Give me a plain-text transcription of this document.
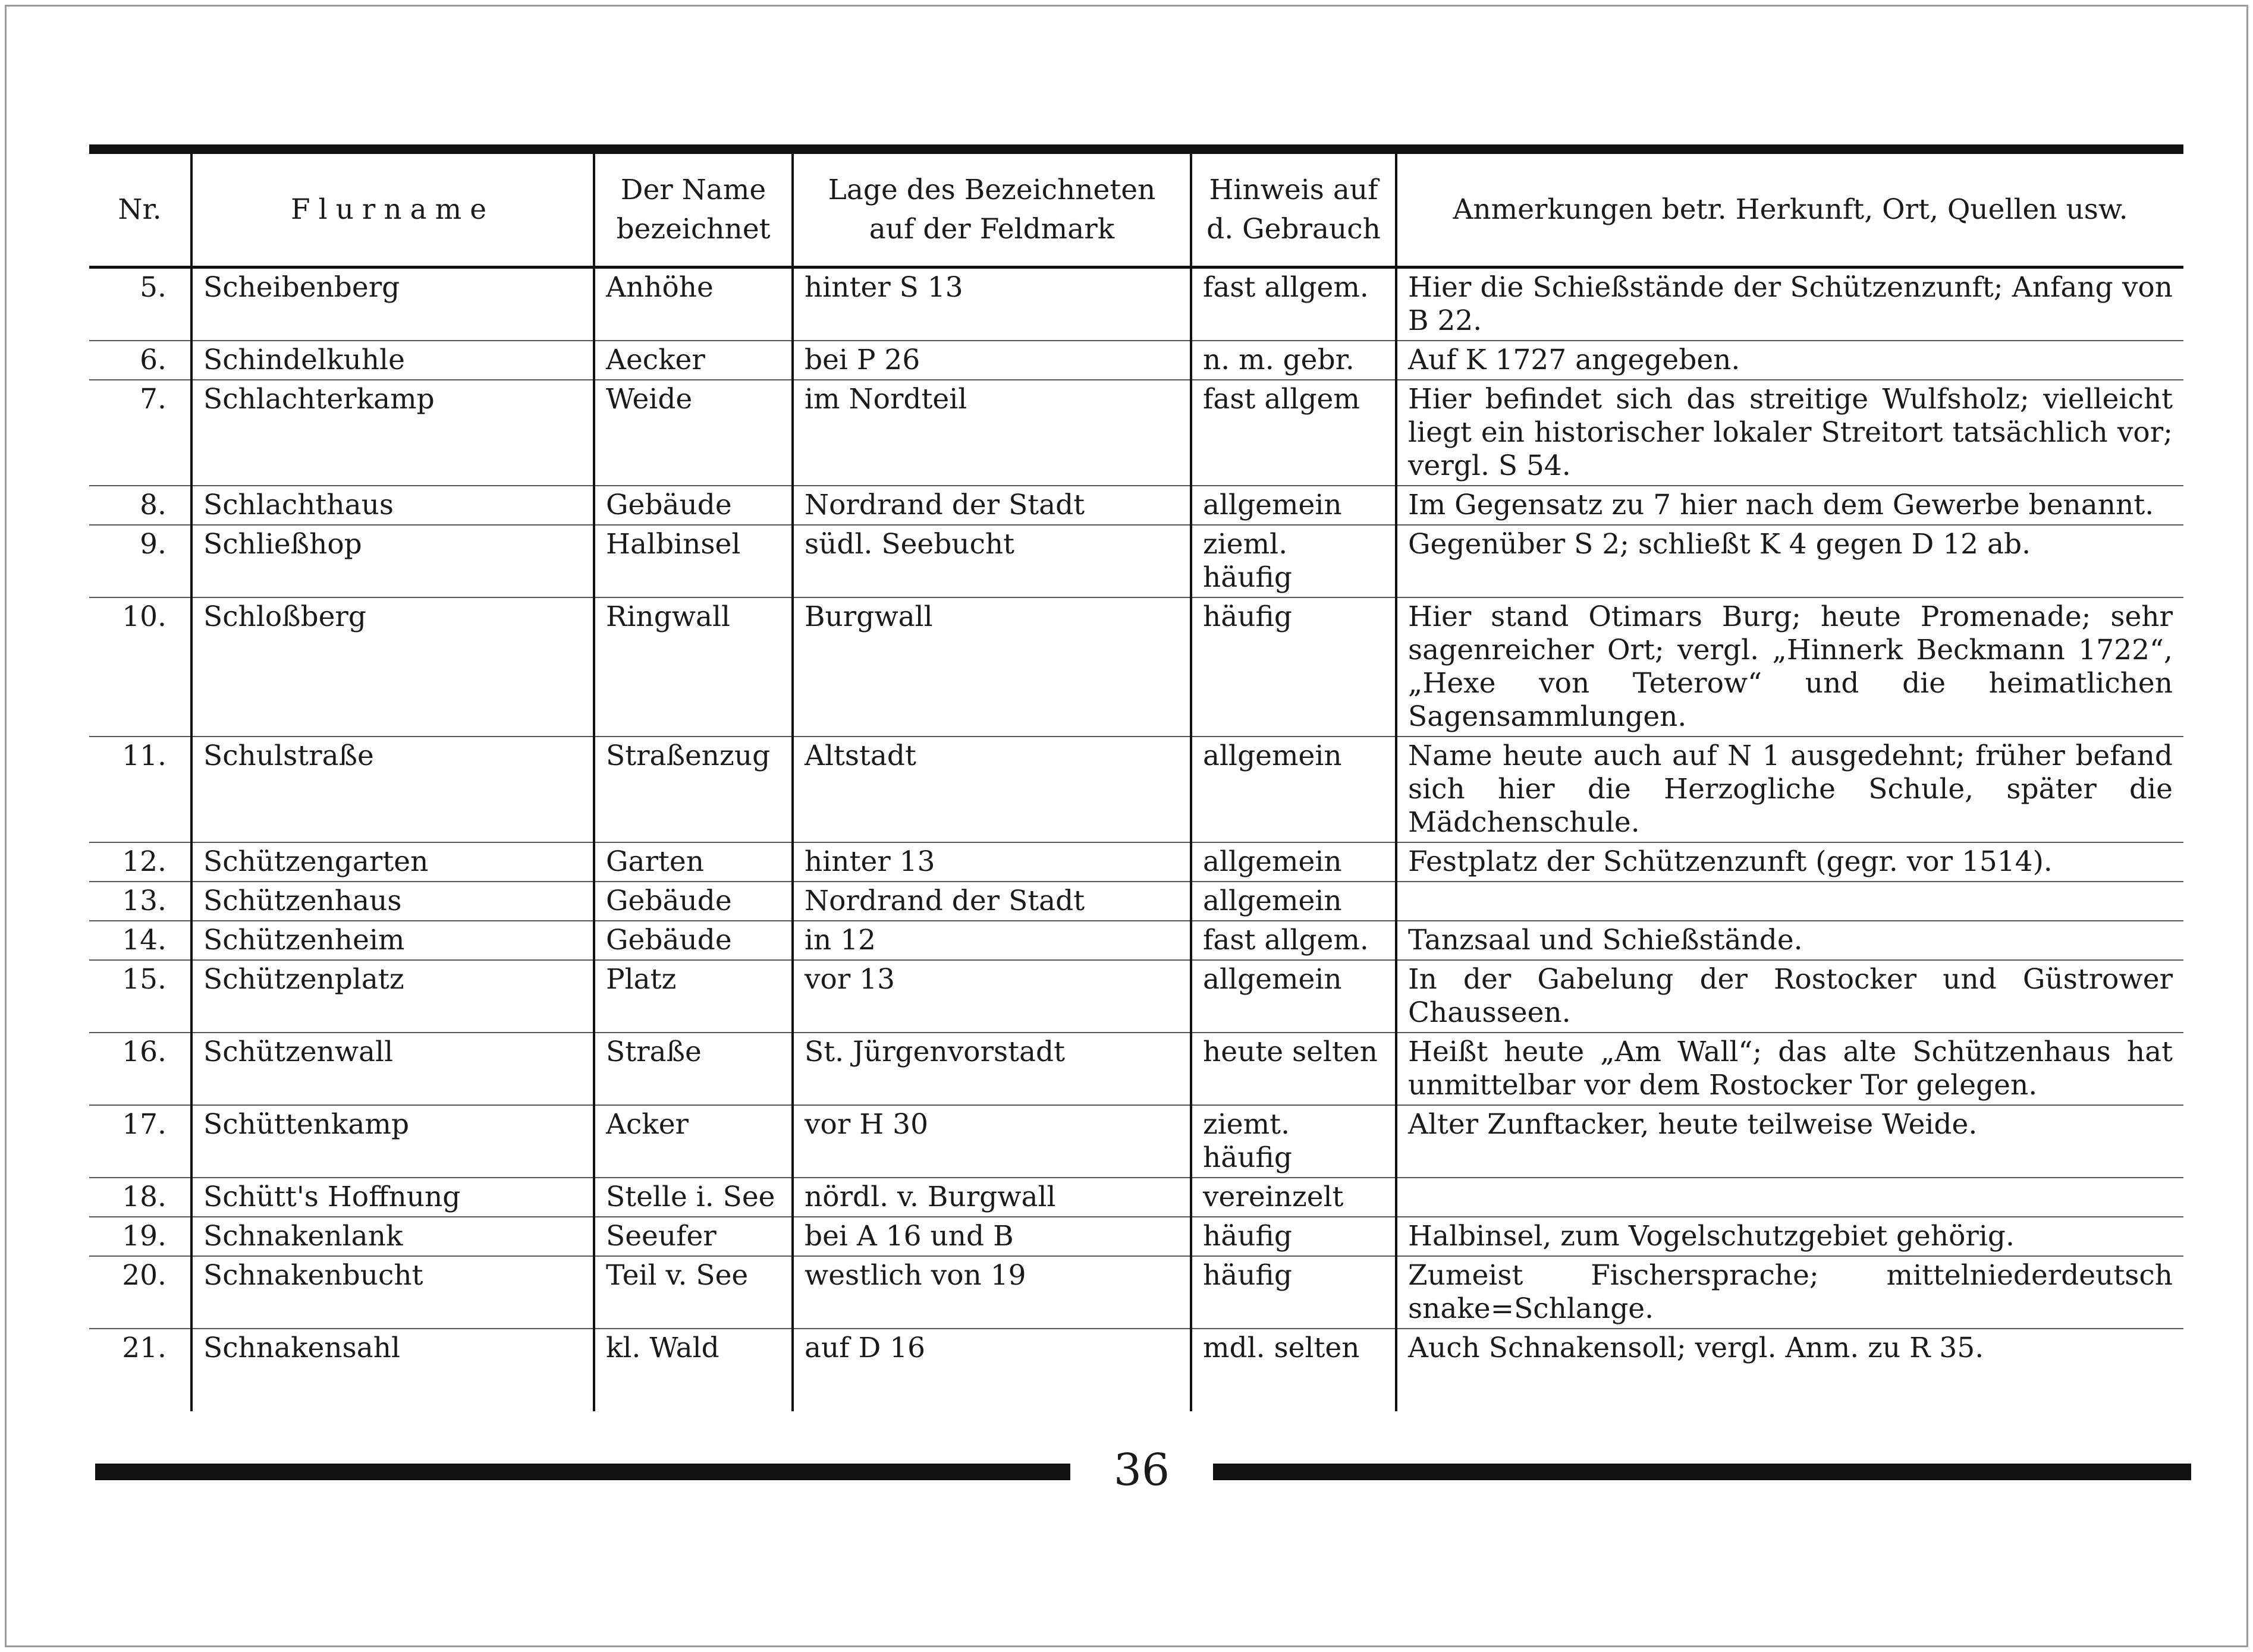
Nr.	Flurname	Der Name bezeichnet	Lage des Bezeichneten auf der Feldmark	Hinweis auf d. Gebrauch	Anmerkungen betr. Herkunft, Ort, Quellen usw.
5.	Scheibenberg	Anhöhe	hinter S 13	fast allgem.	Hier die Schießstände der Schützenzunft; Anfang von B 22.
6.	Schindelkuhle	Aecker	bei P 26	n. m. gebr.	Auf K 1727 angegeben.
7.	Schlachterkamp	Weide	im Nordteil	fast allgem	Hier befindet sich das streitige Wulfsholz; vielleicht liegt ein historischer lokaler Streitort tatsächlich vor; vergl. S 54.
8.	Schlachthaus	Gebäude	Nordrand der Stadt	allgemein	Im Gegensatz zu 7 hier nach dem Gewerbe benannt.
9.	Schließhop	Halbinsel	südl. Seebucht	zieml. häufig	Gegenüber S 2; schließt K 4 gegen D 12 ab.
10.	Schloßberg	Ringwall	Burgwall	häufig	Hier stand Otimars Burg; heute Promenade; sehr sagenreicher Ort; vergl. „Hinnerk Beckmann 1722“, „Hexe von Teterow“ und die heimatlichen Sagensammlungen.
11.	Schulstraße	Straßenzug	Altstadt	allgemein	Name heute auch auf N 1 ausgedehnt; früher befand sich hier die Herzogliche Schule, später die Mädchenschule.
12.	Schützengarten	Garten	hinter 13	allgemein	Festplatz der Schützenzunft (gegr. vor 1514).
13.	Schützenhaus	Gebäude	Nordrand der Stadt	allgemein	
14.	Schützenheim	Gebäude	in 12	fast allgem.	Tanzsaal und Schießstände.
15.	Schützenplatz	Platz	vor 13	allgemein	In der Gabelung der Rostocker und Güstrower Chausseen.
16.	Schützenwall	Straße	St. Jürgenvorstadt	heute selten	Heißt heute „Am Wall“; das alte Schützenhaus hat unmittelbar vor dem Rostocker Tor gelegen.
17.	Schüttenkamp	Acker	vor H 30	ziemt. häufig	Alter Zunftacker, heute teilweise Weide.
18.	Schütt's Hoffnung	Stelle i. See	nördl. v. Burgwall	vereinzelt	
19.	Schnakenlank	Seeufer	bei A 16 und B	häufig	Halbinsel, zum Vogelschutzgebiet gehörig.
20.	Schnakenbucht	Teil v. See	westlich von 19	häufig	Zumeist Fischersprache; mittelniederdeutsch snake=Schlange.
21.	Schnakensahl	kl. Wald	auf D 16	mdl. selten	Auch Schnakensoll; vergl. Anm. zu R 35.
36
